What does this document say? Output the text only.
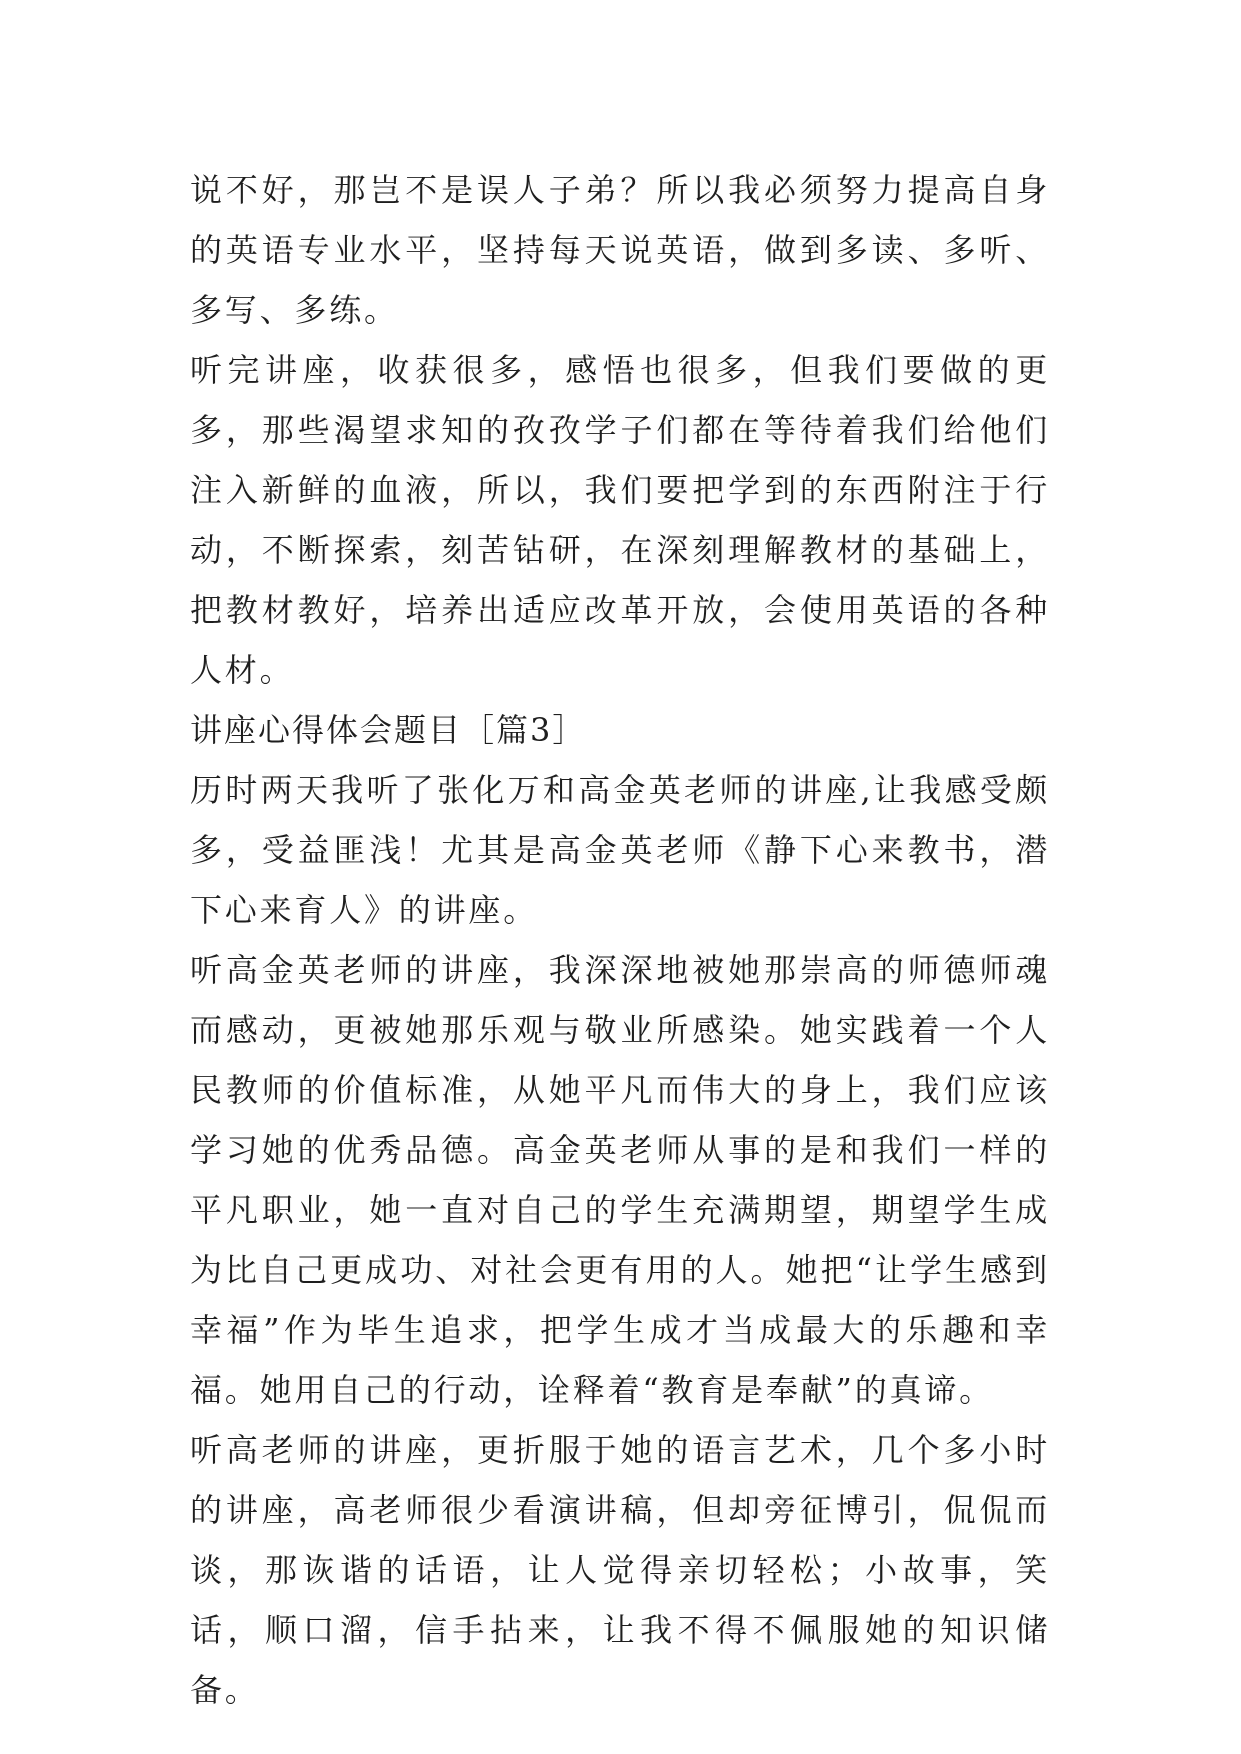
说不好，那岂不是误人子弟？所以我必须努力提高自身的英语专业水平，坚持每天说英语，做到多读、多听、多写、多练。

听完讲座，收获很多，感悟也很多，但我们要做的更多，那些渴望求知的孜孜学子们都在等待着我们给他们注入新鲜的血液，所以，我们要把学到的东西附注于行动，不断探索，刻苦钻研，在深刻理解教材的基础上，把教材教好，培养出适应改革开放，会使用英语的各种人材。

讲座心得体会题目［篇3］

历时两天我听了张化万和高金英老师的讲座,让我感受颇多，受益匪浅！尤其是高金英老师《静下心来教书，潜下心来育人》的讲座。

听高金英老师的讲座，我深深地被她那崇高的师德师魂而感动，更被她那乐观与敬业所感染。她实践着一个人民教师的价值标准，从她平凡而伟大的身上，我们应该学习她的优秀品德。高金英老师从事的是和我们一样的平凡职业，她一直对自己的学生充满期望，期望学生成为比自己更成功、对社会更有用的人。她把“让学生感到幸福”作为毕生追求，把学生成才当成最大的乐趣和幸福。她用自己的行动，诠释着“教育是奉献”的真谛。

听高老师的讲座，更折服于她的语言艺术，几个多小时的讲座，高老师很少看演讲稿，但却旁征博引，侃侃而谈，那诙谐的话语，让人觉得亲切轻松；小故事，笑话，顺口溜，信手拈来，让我不得不佩服她的知识储备。
